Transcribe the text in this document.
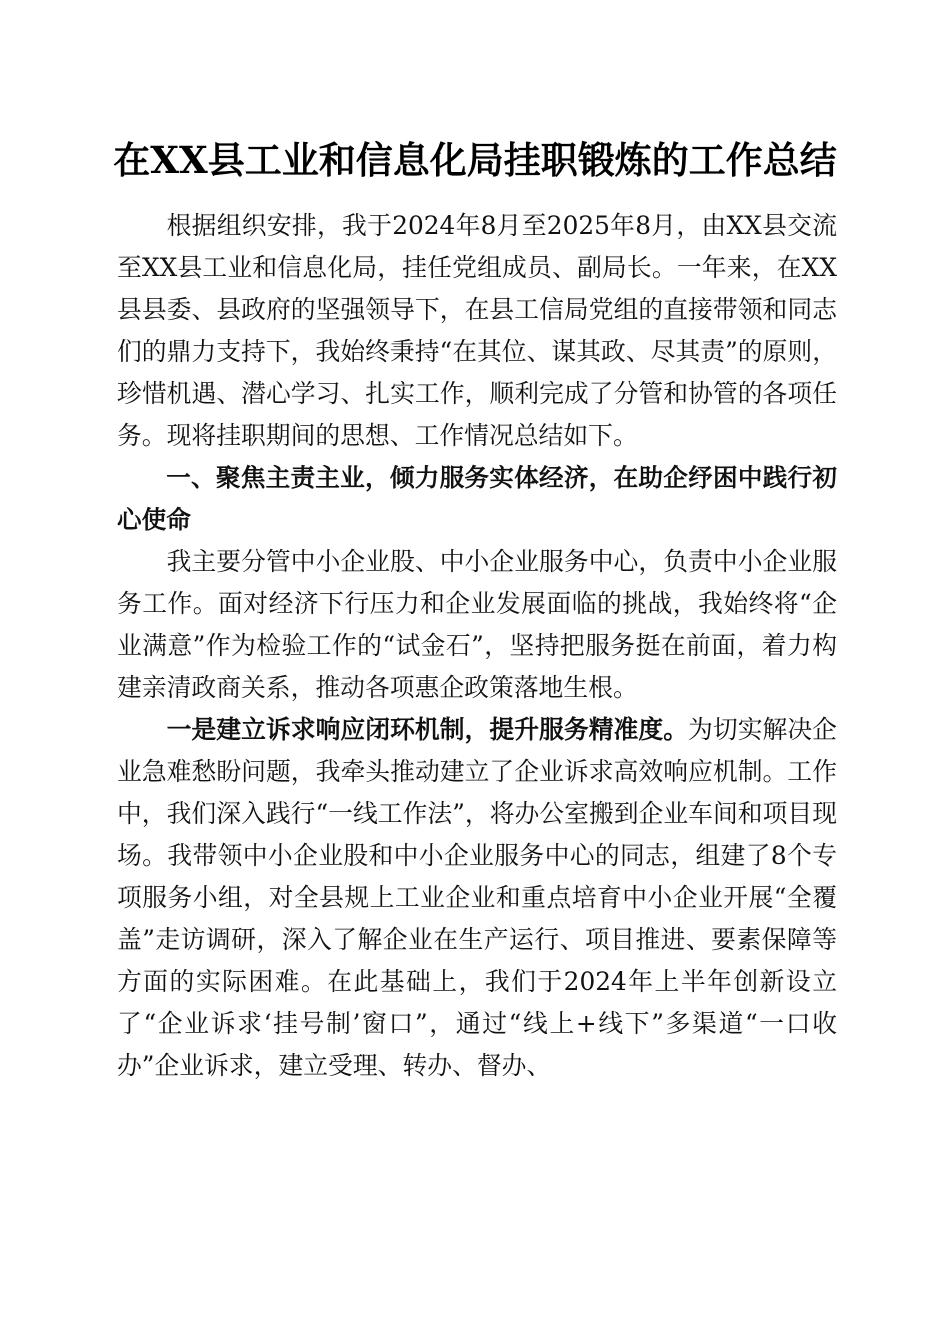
在XX县工业和信息化局挂职锻炼的工作总结

根据组织安排，我于2024年8月至2025年8月，由XX县交流至XX县工业和信息化局，挂任党组成员、副局长。一年来，在XX县县委、县政府的坚强领导下，在县工信局党组的直接带领和同志们的鼎力支持下，我始终秉持“在其位、谋其政、尽其责”的原则，珍惜机遇、潜心学习、扎实工作，顺利完成了分管和协管的各项任务。现将挂职期间的思想、工作情况总结如下。

一、聚焦主责主业，倾力服务实体经济，在助企纾困中践行初心使命

我主要分管中小企业股、中小企业服务中心，负责中小企业服务工作。面对经济下行压力和企业发展面临的挑战，我始终将“企业满意”作为检验工作的“试金石”，坚持把服务挺在前面，着力构建亲清政商关系，推动各项惠企政策落地生根。

一是建立诉求响应闭环机制，提升服务精准度。为切实解决企业急难愁盼问题，我牵头推动建立了企业诉求高效响应机制。工作中，我们深入践行“一线工作法”，将办公室搬到企业车间和项目现场。我带领中小企业股和中小企业服务中心的同志，组建了8个专项服务小组，对全县规上工业企业和重点培育中小企业开展“全覆盖”走访调研，深入了解企业在生产运行、项目推进、要素保障等方面的实际困难。在此基础上，我们于2024年上半年创新设立了“企业诉求‘挂号制’窗口”，通过“线上+线下”多渠道“一口收办”企业诉求，建立受理、转办、督办、
